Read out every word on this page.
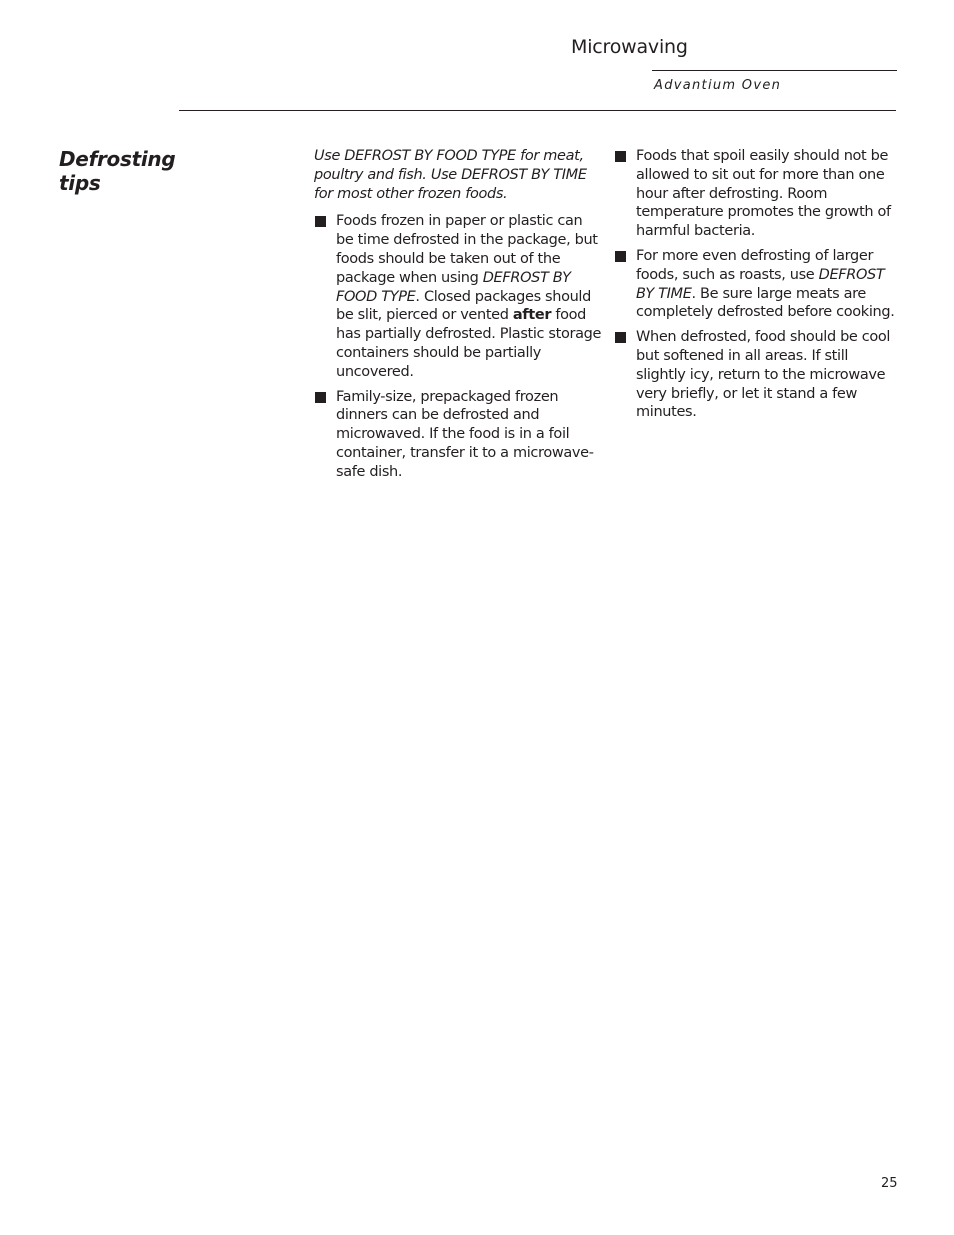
Microwaving
Advantium Oven
Defrosting tips

Use DEFROST BY FOOD TYPE for meat, poultry and fish. Use DEFROST BY TIME for most other frozen foods.

Foods frozen in paper or plastic can be time defrosted in the package, but foods should be taken out of the package when using DEFROST BY FOOD TYPE. Closed packages should be slit, pierced or vented after food has partially defrosted. Plastic storage containers should be partially uncovered.
Family-size, prepackaged frozen dinners can be defrosted and microwaved. If the food is in a foil container, transfer it to a microwave-safe dish.
Foods that spoil easily should not be allowed to sit out for more than one hour after defrosting. Room temperature promotes the growth of harmful bacteria.
For more even defrosting of larger foods, such as roasts, use DEFROST BY TIME. Be sure large meats are completely defrosted before cooking.
When defrosted, food should be cool but softened in all areas. If still slightly icy, return to the microwave very briefly, or let it stand a few minutes.
25
